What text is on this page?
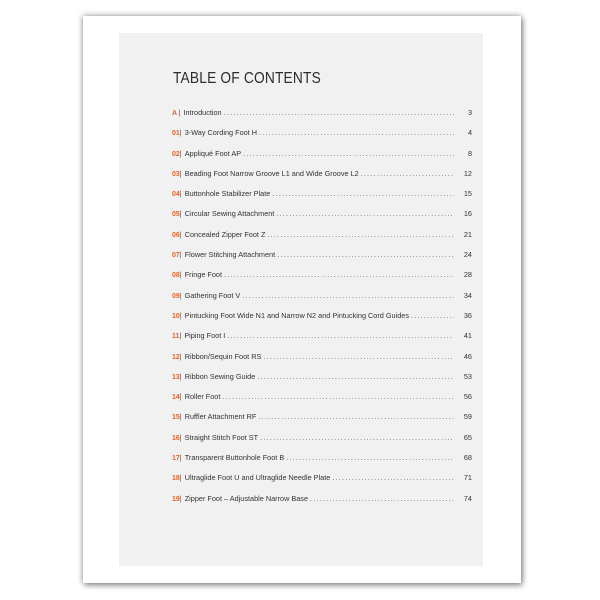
TABLE OF CONTENTS
A | Introduction .....	3
01 | 3-Way Cording Foot H .....	4
02 | Appliqué Foot AP .....	8
03 | Beading Foot Narrow Groove L1 and Wide Groove L2 .....	12
04 | Buttonhole Stabilizer Plate .....	15
05 | Circular Sewing Attachment .....	16
06 | Concealed Zipper Foot Z .....	21
07 | Flower Stitching Attachment .....	24
08 | Fringe Foot .....	28
09 | Gathering Foot V .....	34
10 | Pintucking Foot Wide N1 and Narrow N2 and Pintucking Cord Guides .....	36
11 | Piping Foot I .....	41
12 | Ribbon/Sequin Foot RS .....	46
13 | Ribbon Sewing Guide .....	53
14 | Roller Foot .....	56
15 | Ruffler Attachment RF .....	59
16 | Straight Stitch Foot ST .....	65
17 | Transparent Buttonhole Foot B .....	68
18 | Ultraglide Foot U and Ultraglide Needle Plate .....	71
19 | Zipper Foot – Adjustable Narrow Base .....	74
